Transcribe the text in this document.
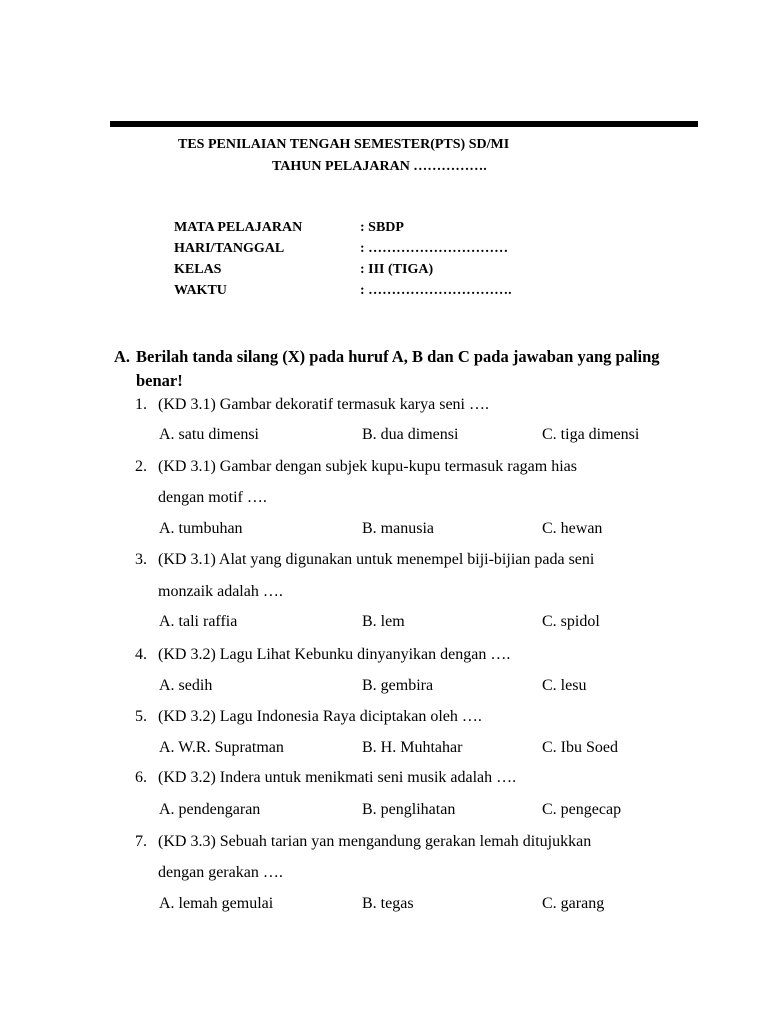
TES PENILAIAN TENGAH SEMESTER(PTS) SD/MI
TAHUN PELAJARAN …………….
MATA PELAJARAN	: SBDP
HARI/TANGGAL	: …………………………
KELAS	: III (TIGA)
WAKTU	: ………………………….
A. Berilah tanda silang (X) pada huruf A, B dan C pada jawaban yang paling benar!
1. (KD 3.1) Gambar dekoratif termasuk karya seni ….
A. satu dimensi	B. dua dimensi	C. tiga dimensi
2. (KD 3.1) Gambar dengan subjek kupu-kupu termasuk ragam hias
dengan motif ….
A. tumbuhan	B. manusia	C. hewan
3. (KD 3.1) Alat yang digunakan untuk menempel biji-bijian pada seni
monzaik adalah ….
A. tali raffia	B. lem	C. spidol
4. (KD 3.2) Lagu Lihat Kebunku dinyanyikan dengan ….
A. sedih	B. gembira	C. lesu
5. (KD 3.2) Lagu Indonesia Raya diciptakan oleh ….
A. W.R. Supratman	B. H. Muhtahar	C. Ibu Soed
6. (KD 3.2) Indera untuk menikmati seni musik adalah ….
A. pendengaran	B. penglihatan	C. pengecap
7. (KD 3.3) Sebuah tarian yan mengandung gerakan lemah ditujukkan
dengan gerakan ….
A. lemah gemulai	B. tegas	C. garang
